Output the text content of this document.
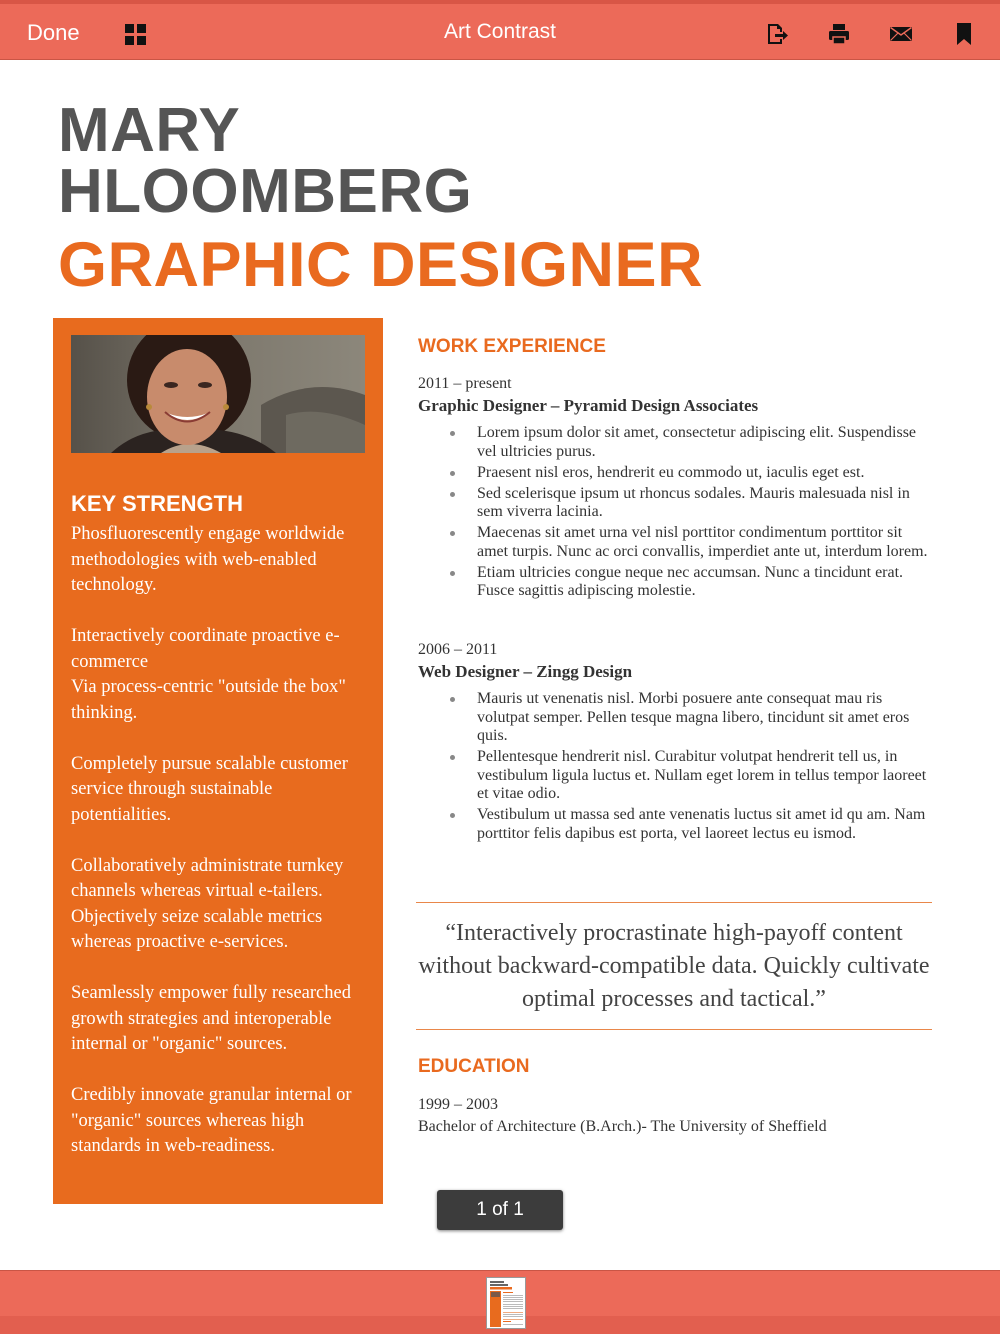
Done	Art Contrast
MARY
HLOOMBERG
GRAPHIC DESIGNER
KEY STRENGTH

Phosfluorescently engage worldwide methodologies with web-enabled technology.

Interactively coordinate proactive e-commerce
Via process-centric "outside the box" thinking.

Completely pursue scalable customer service through sustainable potentialities.

Collaboratively administrate turnkey channels whereas virtual e-tailers. Objectively seize scalable metrics whereas proactive e-services.

Seamlessly empower fully researched growth strategies and interoperable internal or "organic" sources.

Credibly innovate granular internal or "organic" sources whereas high standards in web-readiness.

WORK EXPERIENCE
2011 – present
Graphic Designer – Pyramid Design Associates
Lorem ipsum dolor sit amet, consectetur adipiscing elit. Suspendisse vel ultricies purus.
Praesent nisl eros, hendrerit eu commodo ut, iaculis eget est.
Sed scelerisque ipsum ut rhoncus sodales. Mauris malesuada nisl in sem viverra lacinia.
Maecenas sit amet urna vel nisl porttitor condimentum porttitor sit amet turpis. Nunc ac orci convallis, imperdiet ante ut, interdum lorem.
Etiam ultricies congue neque nec accumsan. Nunc a tincidunt erat. Fusce sagittis adipiscing molestie.
2006 – 2011
Web Designer – Zingg Design
Mauris ut venenatis nisl. Morbi posuere ante consequat mau ris volutpat semper. Pellen tesque magna libero, tincidunt sit amet eros quis.
Pellentesque hendrerit nisl. Curabitur volutpat hendrerit tell us, in vestibulum ligula luctus et. Nullam eget lorem in tellus tempor laoreet et vitae odio.
Vestibulum ut massa sed ante venenatis luctus sit amet id qu am. Nam porttitor felis dapibus est porta, vel laoreet lectus eu ismod.
“Interactively procrastinate high-payoff content without backward-compatible data. Quickly cultivate optimal processes and tactical.”
EDUCATION
1999 – 2003
Bachelor of Architecture (B.Arch.)- The University of Sheffield
1 of 1
